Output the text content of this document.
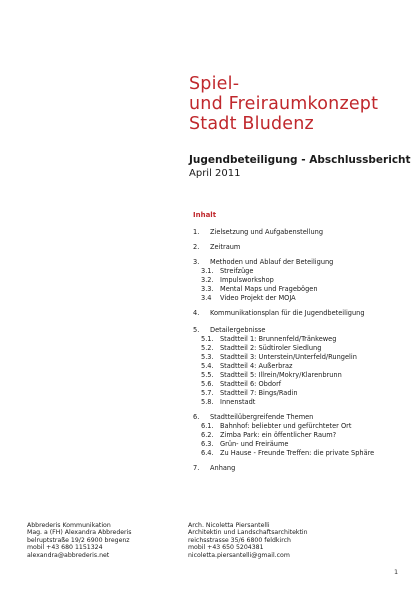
Spiel-
und Freiraumkonzept
Stadt Bludenz
Jugendbeteiligung - Abschlussbericht
April 2011
Inhalt
1. Zielsetzung und Aufgabenstellung
2. Zeitraum
3. Methoden und Ablauf der Beteiligung
3.1. Streifzüge
3.2. Impulsworkshop
3.3. Mental Maps und Fragebögen
3.4 Video Projekt der MOJA
4. Kommunikationsplan für die Jugendbeteiligung
5. Detailergebnisse
5.1. Stadtteil 1: Brunnenfeld/Tränkeweg
5.2. Stadtteil 2: Südtiroler Siedlung
5.3. Stadtteil 3: Unterstein/Unterfeld/Rungelin
5.4. Stadtteil 4: Außerbraz
5.5. Stadtteil 5: Illrein/Mokry/Klarenbrunn
5.6. Stadtteil 6: Obdorf
5.7. Stadtteil 7: Bings/Radin
5.8. Innenstadt
6. Stadtteilübergreifende Themen
6.1. Bahnhof: beliebter und gefürchteter Ort
6.2. Zimba Park: ein öffentlicher Raum?
6.3. Grün- und Freiräume
6.4. Zu Hause - Freunde Treffen: die private Sphäre
7. Anhang
Abbrederis Kommunikation
Mag. a (FH) Alexandra Abbrederis
belruptstraße 19/2 6900 bregenz
mobil +43 680 1151324
alexandra@abbrederis.net
Arch. Nicoletta Piersantelli
Architektin und Landschaftsarchitektin
reichsstrasse 35/6 6800 feldkirch
mobil +43 650 5204381
nicoletta.piersantelli@gmail.com
1
